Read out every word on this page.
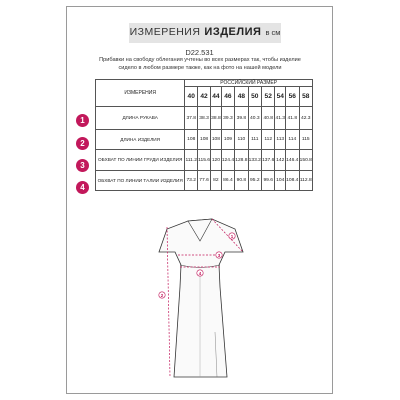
ИЗМЕРЕНИЯ ИЗДЕЛИЯ в см
D22.531
Прибавки на свободу облегания учтены во всех размерах так, чтобы изделие сидело в любом размере также, как на фото на нашей модели
ИЗМЕРЕНИЯ	РОССИЙСКИЙ РАЗМЕР									
	40	42	44	46	48	50	52	54	56	58
ДЛИНА РУКАВА	37.8	38.3	38.8	39.3	39.8	40.3	40.8	41.3	41.8	42.3
ДЛИНА ИЗДЕЛИЯ	108	108	108	109	110	111	112	113	114	115
ОБХВАТ ПО ЛИНИИ ГРУДИ ИЗДЕЛИЯ	111.2	115.6	120	124.4	128.8	133.2	137.6	142	146.4	150.8
ОБХВАТ ПО ЛИНИИ ТАЛИИ ИЗДЕЛИЯ	73.2	77.6	82	86.4	90.8	95.2	99.6	104	108.4	112.8
1
2
3
4
1
2
3
4
